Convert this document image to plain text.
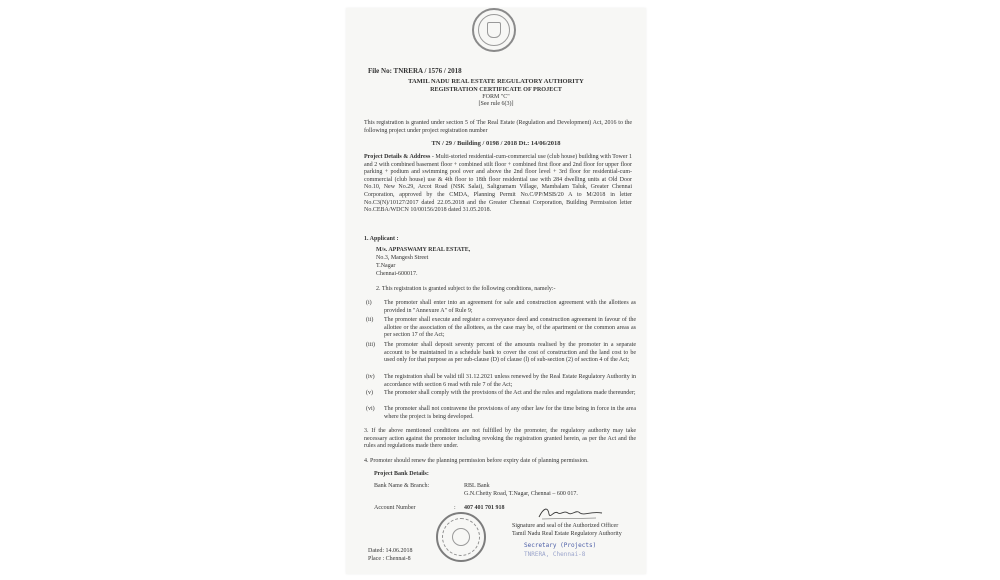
File No: TNRERA / 1576 / 2018
TAMIL NADU REAL ESTATE REGULATORY AUTHORITY
REGISTRATION CERTIFICATE OF PROJECT
FORM "C"
[See rule 6(3)]
This registration is granted under section 5 of The Real Estate (Regulation and Development) Act, 2016 to the following project under project registration number
TN / 29 / Building / 0198 / 2018 Dt.: 14/06/2018
Project Details & Address - Multi-storied residential-cum-commercial use (club house) building with Tower 1 and 2 with combined basement floor + combined stilt floor + combined first floor and 2nd floor for upper floor parking + podium and swimming pool over and above the 2nd floor level + 3rd floor for residential-cum-commercial (club house) use & 4th floor to 18th floor residential use with 284 dwelling units at Old Door No.10, New No.29, Arcot Road (NSK Salai), Saligramam Village, Mambalam Taluk, Greater Chennai Corporation, approved by the CMDA, Planning Permit No.C/PP/MSB/20 A to M/2018 in letter No.C3(N)/10127/2017 dated 22.05.2018 and the Greater Chennai Corporation, Building Permission letter No.CEBA/WDCN 10/00156/2018 dated 31.05.2018.
1. Applicant :
M/s. APPASWAMY REAL ESTATE,
No.3, Mangesh Street
T.Nagar
Chennai-600017.
2. This registration is granted subject to the following conditions, namely:-
(i) The promoter shall enter into an agreement for sale and construction agreement with the allottees as provided in "Annexure A" of Rule 9;
(ii) The promoter shall execute and register a conveyance deed and construction agreement in favour of the allottee or the association of the allottees, as the case may be, of the apartment or the common areas as per section 17 of the Act;
(iii) The promoter shall deposit seventy percent of the amounts realised by the promoter in a separate account to be maintained in a schedule bank to cover the cost of construction and the land cost to be used only for that purpose as per sub-clause (D) of clause (l) of sub-section (2) of section 4 of the Act;
(iv) The registration shall be valid till 31.12.2021 unless renewed by the Real Estate Regulatory Authority in accordance with section 6 read with rule 7 of the Act;
(v) The promoter shall comply with the provisions of the Act and the rules and regulations made thereunder;
(vi) The promoter shall not contravene the provisions of any other law for the time being in force in the area where the project is being developed.
3. If the above mentioned conditions are not fulfilled by the promoter, the regulatory authority may take necessary action against the promoter including revoking the registration granted herein, as per the Act and the rules and regulations made there under.
4. Promoter should renew the planning permission before expiry date of planning permission.
Project Bank Details:
Bank Name & Branch:	RBL Bank
G.N.Chetty Road, T.Nagar, Chennai – 600 017.
Account Number	: 407 401 701 918
Dated: 14.06.2018
Place : Chennai-8
Signature and seal of the Authorized Officer
Tamil Nadu Real Estate Regulatory Authority
Secretary (Projects)
TNRERA, Chennai-8
